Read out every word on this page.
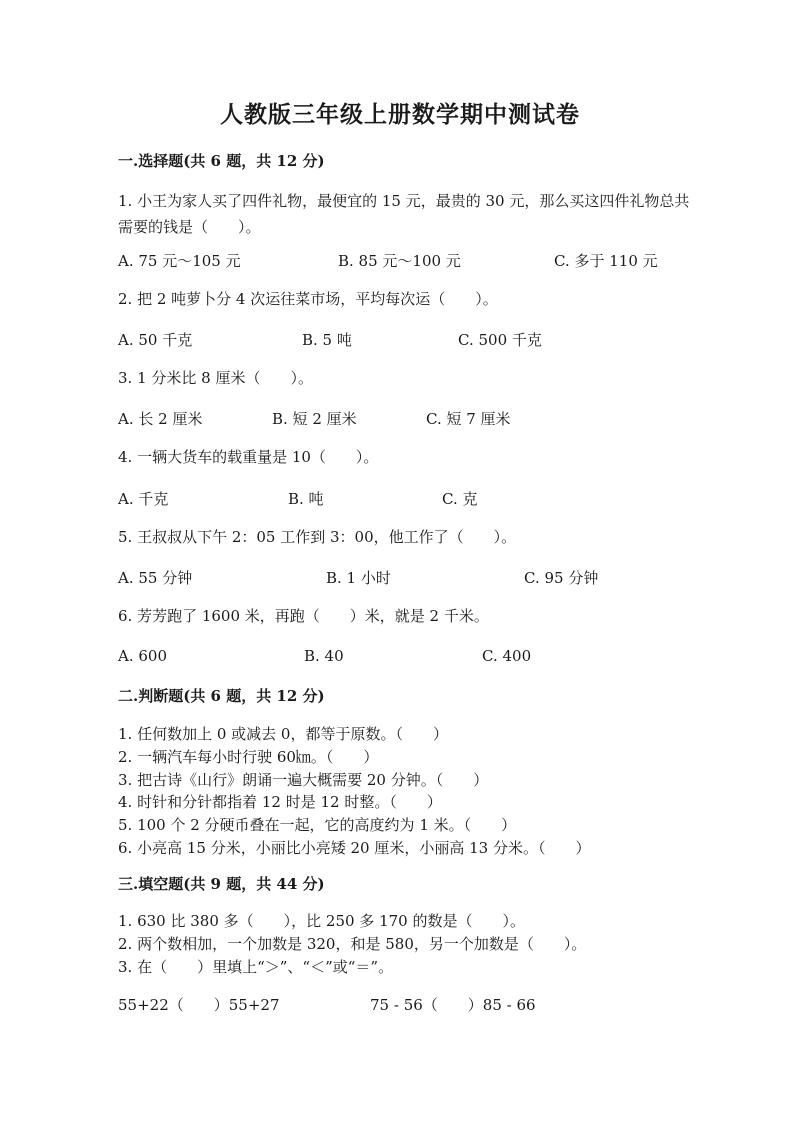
人教版三年级上册数学期中测试卷
一.选择题(共 6 题，共 12 分)
1. 小王为家人买了四件礼物，最便宜的 15 元，最贵的 30 元，那么买这四件礼物总共需要的钱是（　　）。
A. 75 元～105 元	B. 85 元～100 元	C. 多于 110 元
2. 把 2 吨萝卜分 4 次运往菜市场，平均每次运（　　）。
A. 50 千克	B. 5 吨	C. 500 千克
3. 1 分米比 8 厘米（　　）。
A. 长 2 厘米	B. 短 2 厘米	C. 短 7 厘米
4. 一辆大货车的载重量是 10（　　）。
A. 千克	B. 吨	C. 克
5. 王叔叔从下午 2：05 工作到 3：00，他工作了（　　）。
A. 55 分钟	B. 1 小时	C. 95 分钟
6. 芳芳跑了 1600 米，再跑（　　）米，就是 2 千米。
A. 600	B. 40	C. 400
二.判断题(共 6 题，共 12 分)
1. 任何数加上 0 或减去 0，都等于原数。（　　）
2. 一辆汽车每小时行驶 60㎞。（　　）
3. 把古诗《山行》朗诵一遍大概需要 20 分钟。（　　）
4. 时针和分针都指着 12 时是 12 时整。（　　）
5. 100 个 2 分硬币叠在一起，它的高度约为 1 米。（　　）
6. 小亮高 15 分米，小丽比小亮矮 20 厘米，小丽高 13 分米。（　　）
三.填空题(共 9 题，共 44 分)
1. 630 比 380 多（　　），比 250 多 170 的数是（　　）。
2. 两个数相加，一个加数是 320，和是 580，另一个加数是（　　）。
3. 在（　　）里填上“＞”、“＜”或“＝”。
55+22（　　）55+27	75 - 56（　　）85 - 66
